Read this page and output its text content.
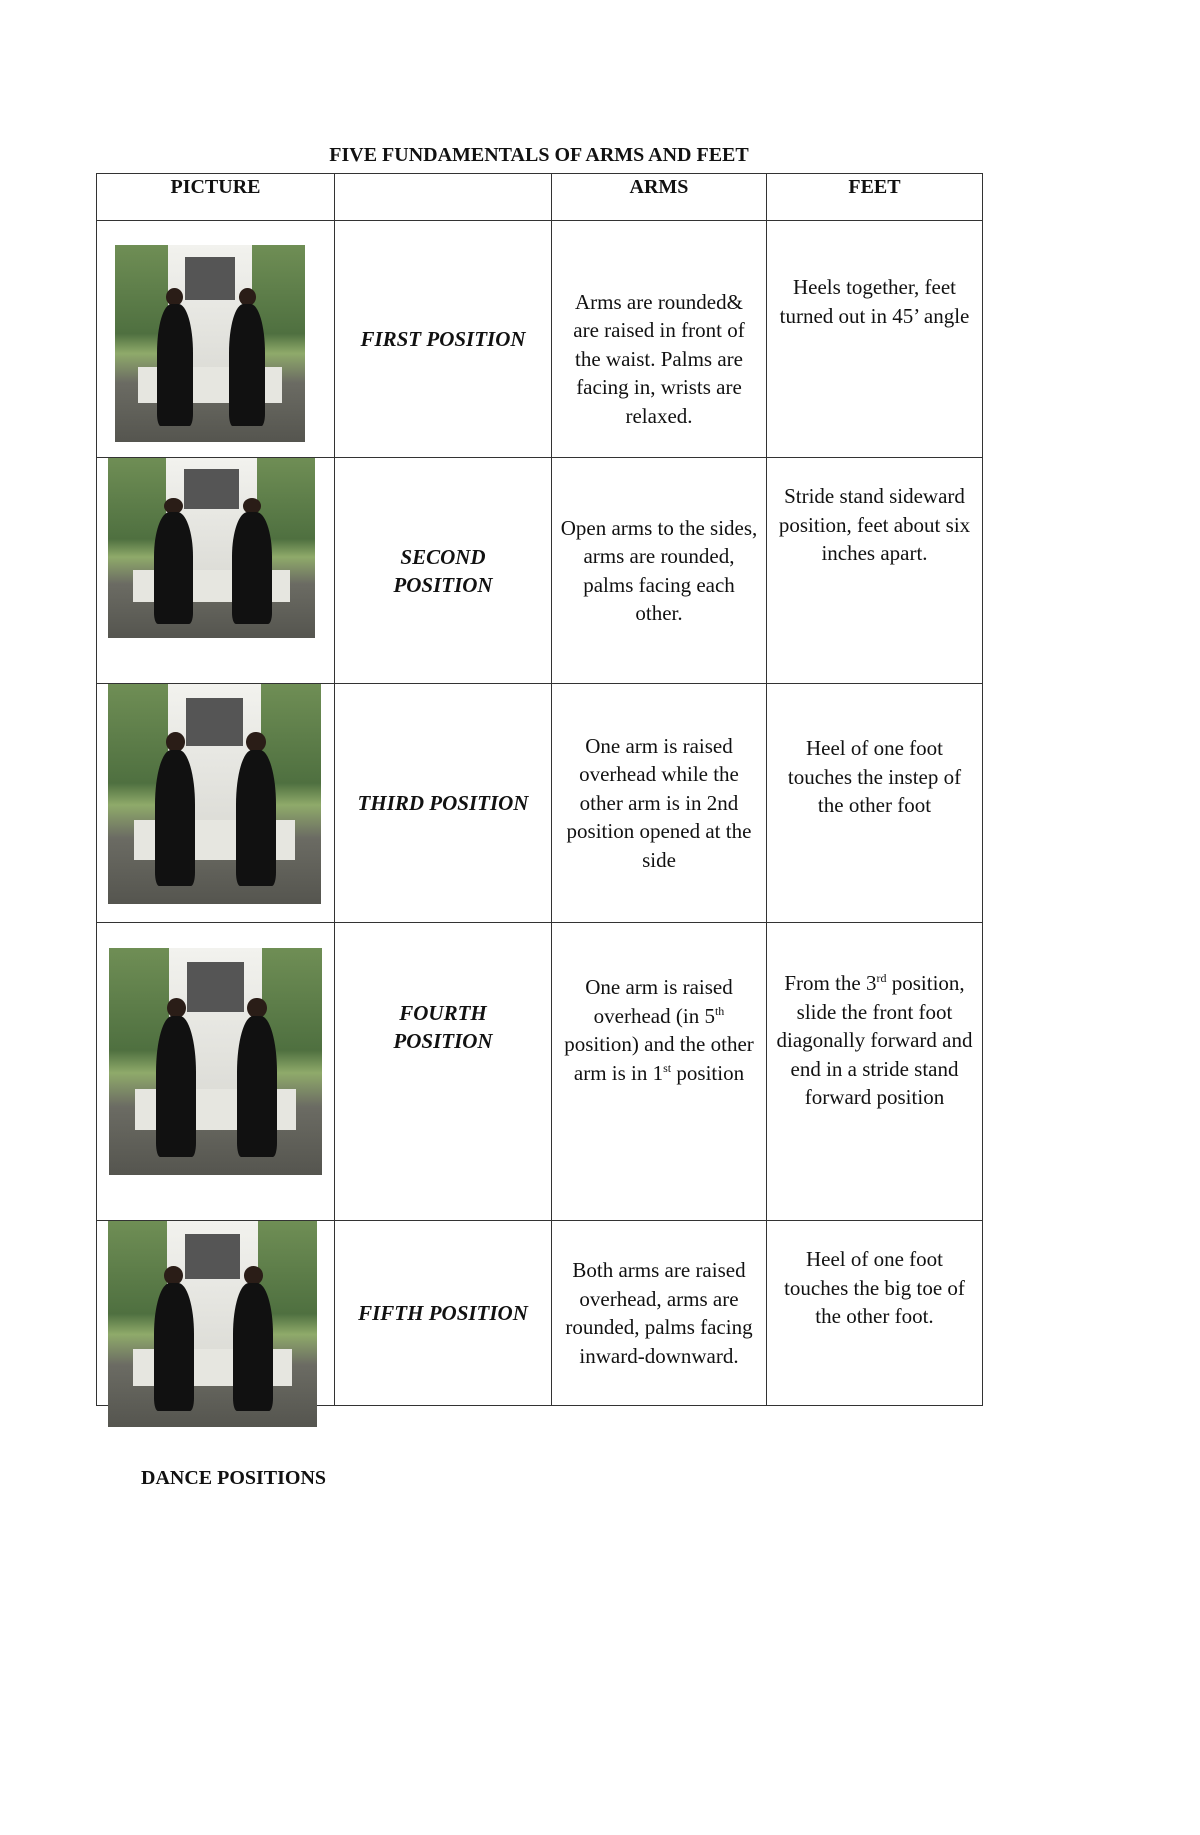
FIVE FUNDAMENTALS OF ARMS AND FEET
PICTURE		ARMS	FEET

	FIRST POSITION	Arms are rounded& are raised in front of the waist. Palms are facing in, wrists are relaxed.	Heels together, feet turned out in 45’ angle

	SECOND POSITION	Open arms to the sides, arms are rounded, palms facing each other.	Stride stand sideward position, feet about six inches apart.

	THIRD POSITION	One arm is raised overhead while the other arm is in 2nd position opened at the side	Heel of one foot touches the instep of the other foot

	FOURTH POSITION	One arm is raised overhead (in 5th position) and the other arm is in 1st position	From the 3rd position, slide the front foot diagonally forward and end in a stride stand forward position

	FIFTH POSITION	Both arms are raised overhead, arms are rounded, palms facing inward-downward.	Heel of one foot touches the big toe of the other foot.
DANCE POSITIONS
